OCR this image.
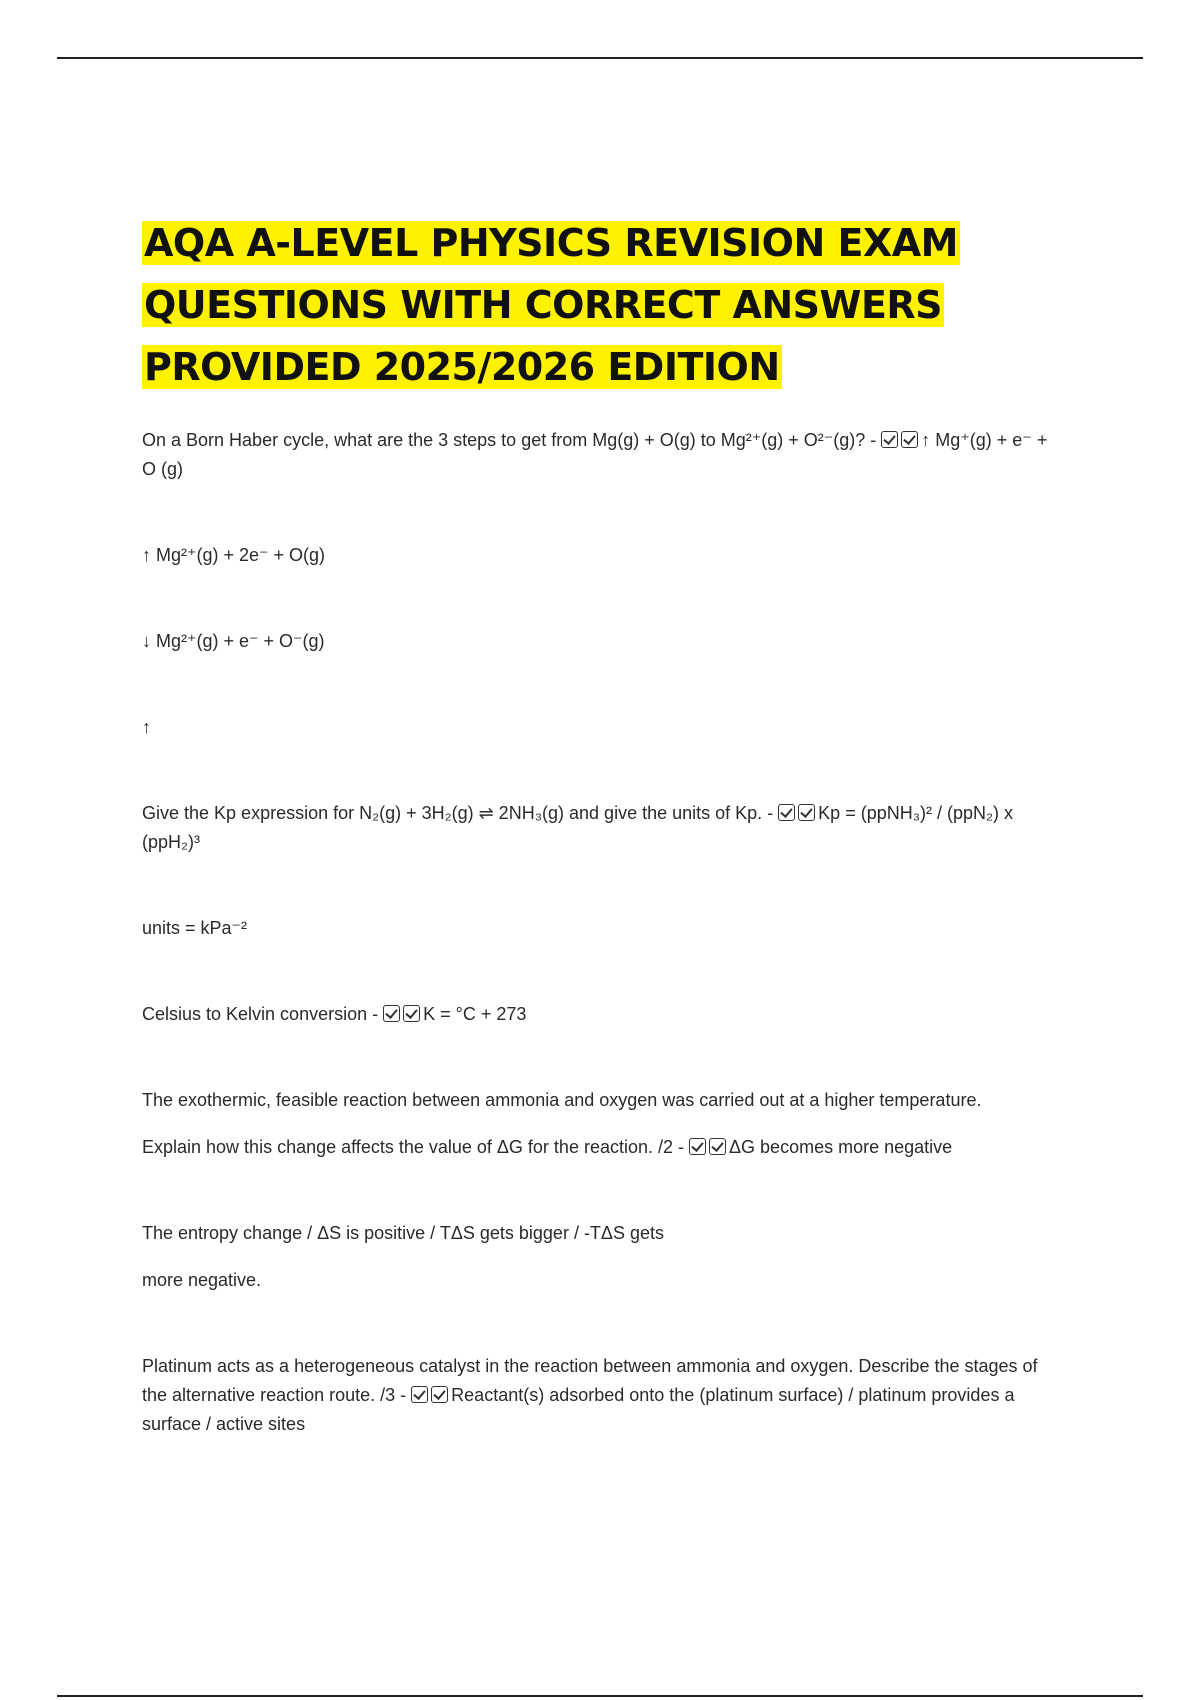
AQA A-LEVEL PHYSICS REVISION EXAM
QUESTIONS WITH CORRECT ANSWERS
PROVIDED 2025/2026 EDITION

On a Born Haber cycle, what are the 3 steps to get from Mg(g) + O(g) to Mg²⁺(g) + O²⁻(g)? -	↑ Mg⁺(g) + e⁻ + O (g)

↑ Mg²⁺(g) + 2e⁻ + O(g)

↓ Mg²⁺(g) + e⁻ + O⁻(g)

↑

Give the Kp expression for N₂(g) + 3H₂(g) ⇌ 2NH₃(g) and give the units of Kp. -	Kp = (ppNH₃)² / (ppN₂) x (ppH₂)³

units = kPa⁻²

Celsius to Kelvin conversion -	K = °C + 273

The exothermic, feasible reaction between ammonia and oxygen was carried out at a higher temperature.

Explain how this change affects the value of ΔG for the reaction. /2 -	ΔG becomes more negative

The entropy change / ΔS is positive / TΔS gets bigger / -TΔS gets

more negative.

Platinum acts as a heterogeneous catalyst in the reaction between ammonia and oxygen. Describe the stages of the alternative reaction route. /3 -	Reactant(s) adsorbed onto the (platinum surface) / platinum provides a surface / active sites
